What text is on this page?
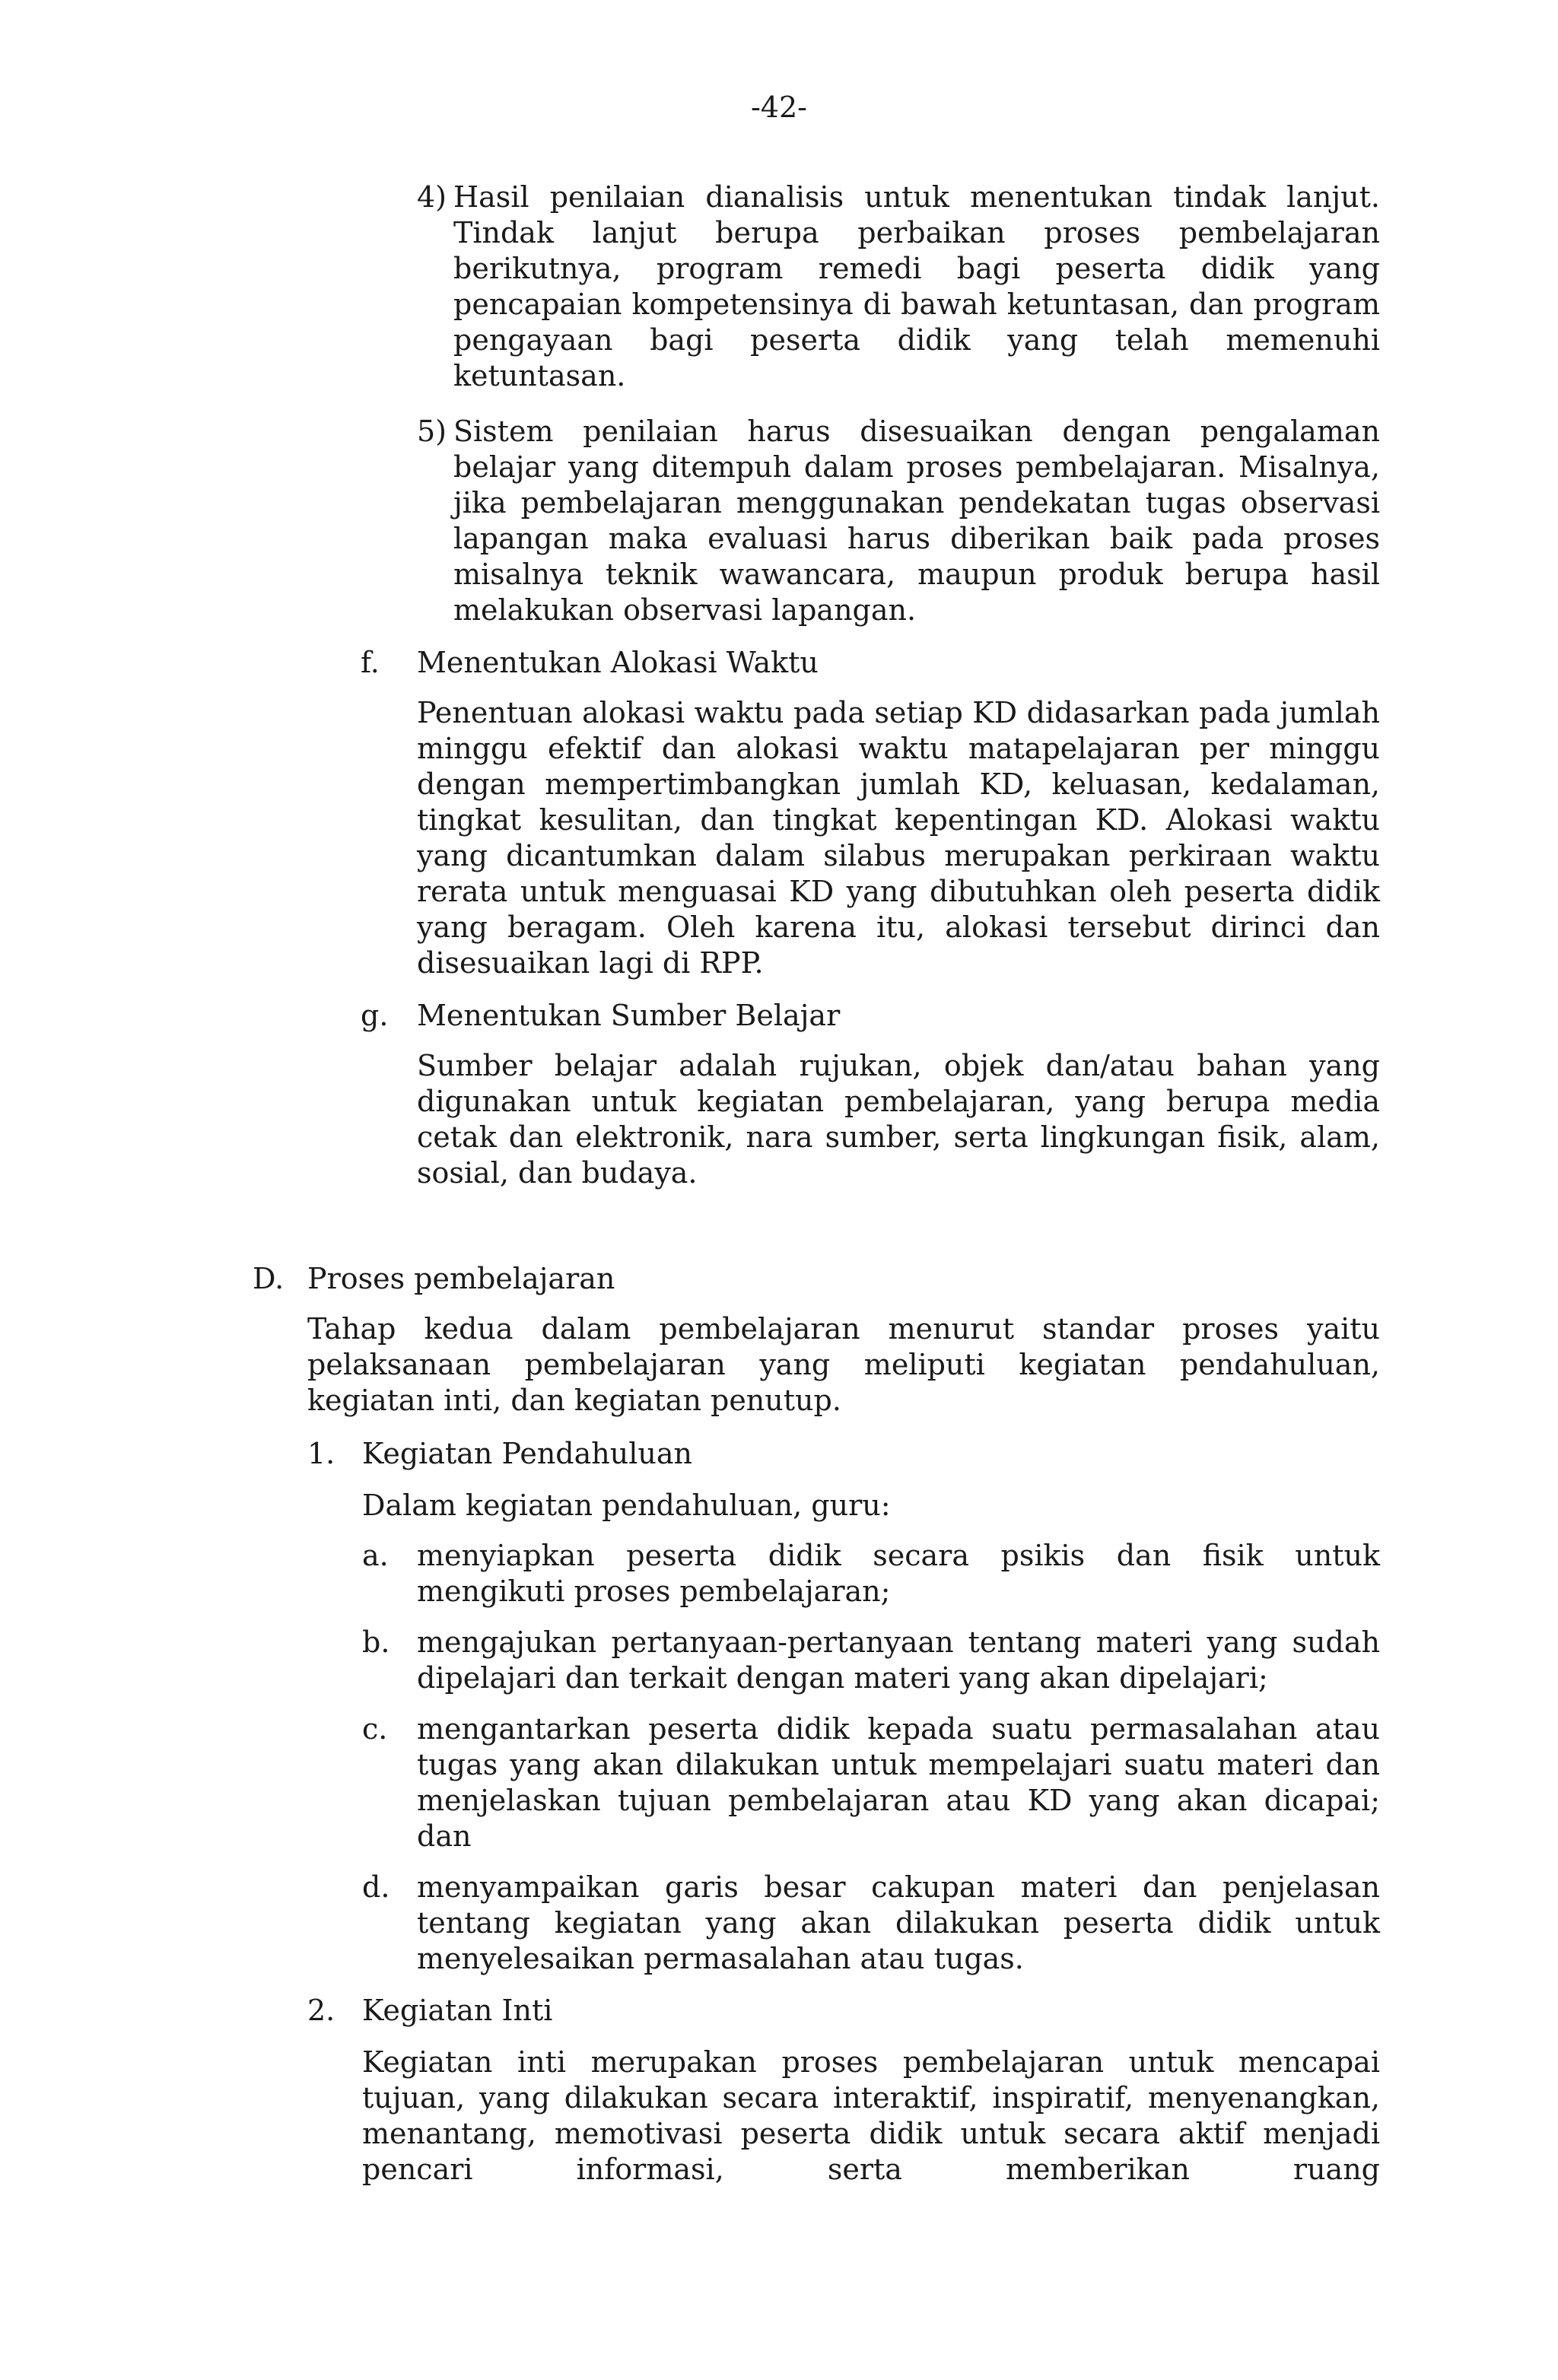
-42-
4) Hasil penilaian dianalisis untuk menentukan tindak lanjut. Tindak lanjut berupa perbaikan proses pembelajaran berikutnya, program remedi bagi peserta didik yang pencapaian kompetensinya di bawah ketuntasan, dan program pengayaan bagi peserta didik yang telah memenuhi ketuntasan.

5) Sistem penilaian harus disesuaikan dengan pengalaman belajar yang ditempuh dalam proses pembelajaran. Misalnya, jika pembelajaran menggunakan pendekatan tugas observasi lapangan maka evaluasi harus diberikan baik pada proses misalnya teknik wawancara, maupun produk berupa hasil melakukan observasi lapangan.

f. Menentukan Alokasi Waktu

Penentuan alokasi waktu pada setiap KD didasarkan pada jumlah minggu efektif dan alokasi waktu matapelajaran per minggu dengan mempertimbangkan jumlah KD, keluasan, kedalaman, tingkat kesulitan, dan tingkat kepentingan KD. Alokasi waktu yang dicantumkan dalam silabus merupakan perkiraan waktu rerata untuk menguasai KD yang dibutuhkan oleh peserta didik yang beragam. Oleh karena itu, alokasi tersebut dirinci dan disesuaikan lagi di RPP.

g. Menentukan Sumber Belajar

Sumber belajar adalah rujukan, objek dan/atau bahan yang digunakan untuk kegiatan pembelajaran, yang berupa media cetak dan elektronik, nara sumber, serta lingkungan fisik, alam, sosial, dan budaya.

D. Proses pembelajaran

Tahap kedua dalam pembelajaran menurut standar proses yaitu pelaksanaan pembelajaran yang meliputi kegiatan pendahuluan, kegiatan inti, dan kegiatan penutup.

1. Kegiatan Pendahuluan

Dalam kegiatan pendahuluan, guru:

a. menyiapkan peserta didik secara psikis dan fisik untuk mengikuti proses pembelajaran;

b. mengajukan pertanyaan-pertanyaan tentang materi yang sudah dipelajari dan terkait dengan materi yang akan dipelajari;

c. mengantarkan peserta didik kepada suatu permasalahan atau tugas yang akan dilakukan untuk mempelajari suatu materi dan menjelaskan tujuan pembelajaran atau KD yang akan dicapai; dan

d. menyampaikan garis besar cakupan materi dan penjelasan tentang kegiatan yang akan dilakukan peserta didik untuk menyelesaikan permasalahan atau tugas.

2. Kegiatan Inti

Kegiatan inti merupakan proses pembelajaran untuk mencapai tujuan, yang dilakukan secara interaktif, inspiratif, menyenangkan, menantang, memotivasi peserta didik untuk secara aktif menjadi pencari informasi, serta memberikan ruang
